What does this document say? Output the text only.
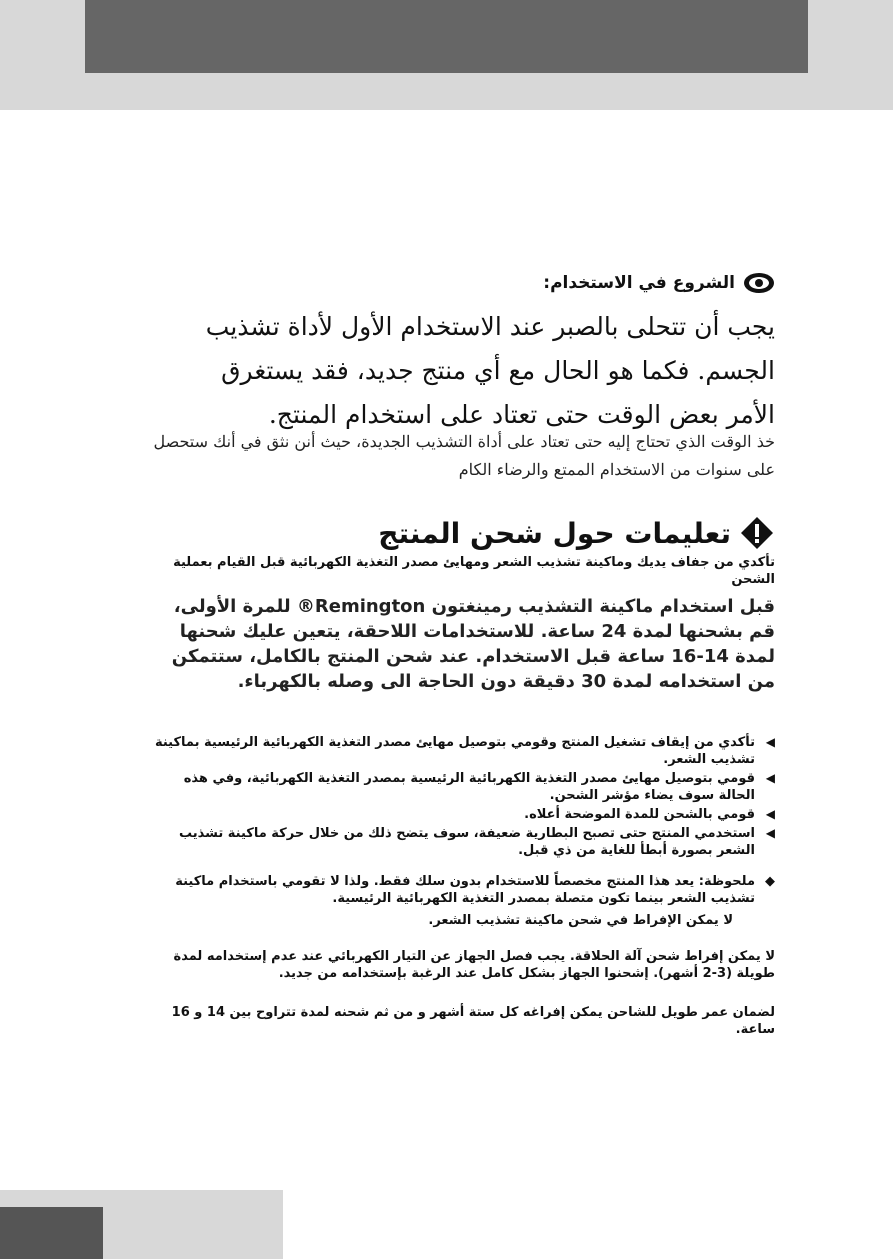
الشروع في الاستخدام:
يجب أن تتحلى بالصبر عند الاستخدام الأول لأداة تشذيب الجسم. فكما هو الحال مع أي منتج جديد، فقد يستغرق الأمر بعض الوقت حتى تعتاد على استخدام المنتج.
خذ الوقت الذي تحتاج إليه حتى تعتاد على أداة التشذيب الجديدة، حيث أنن نثق في أنك ستحصل على سنوات من الاستخدام الممتع والرضاء الكام
تعليمات حول شحن المنتج
تأكدي من جفاف يديك وماكينة تشذيب الشعر ومهايئ مصدر التغذية الكهربائية قبل القيام بعملية الشحن
قبل استخدام ماكينة التشذيب رمينغتون Remington® للمرة الأولى، قم بشحنها لمدة 24 ساعة. للاستخدامات اللاحقة، يتعين عليك شحنها لمدة 14-16 ساعة قبل الاستخدام. عند شحن المنتج بالكامل، ستتمكن من استخدامه لمدة 30 دقيقة دون الحاجة الى وصله بالكهرباء.
◀
تأكدي من إيقاف تشغيل المنتج وقومي بتوصيل مهايئ مصدر التغذية الكهربائية الرئيسية بماكينة تشذيب الشعر.
◀
قومي بتوصيل مهايئ مصدر التغذية الكهربائية الرئيسية بمصدر التغذية الكهربائية، وفي هذه الحالة سوف يضاء مؤشر الشحن.
◀
قومي بالشحن للمدة الموضحة أعلاه.
◀
استخدمي المنتج حتى تصبح البطارية ضعيفة، سوف يتضح ذلك من خلال حركة ماكينة تشذيب الشعر بصورة أبطأ للغاية من ذي قبل.
◆
ملحوظة: يعد هذا المنتج مخصصاً للاستخدام بدون سلك فقط. ولذا لا تقومي باستخدام ماكينة تشذيب الشعر بينما تكون متصلة بمصدر التغذية الكهربائية الرئيسية.
لا يمكن الإفراط في شحن ماكينة تشذيب الشعر.
لا يمكن إفراط شحن آلة الحلاقة. يجب فصل الجهاز عن التيار الكهربائي عند عدم إستخدامه لمدة طويلة (3-2 أشهر). إشحنوا الجهاز بشكل كامل عند الرغبة بإستخدامه من جديد.
لضمان عمر طويل للشاحن يمكن إفراغه كل ستة أشهر و من ثم شحنه لمدة تتراوح بين 14 و 16 ساعة.
